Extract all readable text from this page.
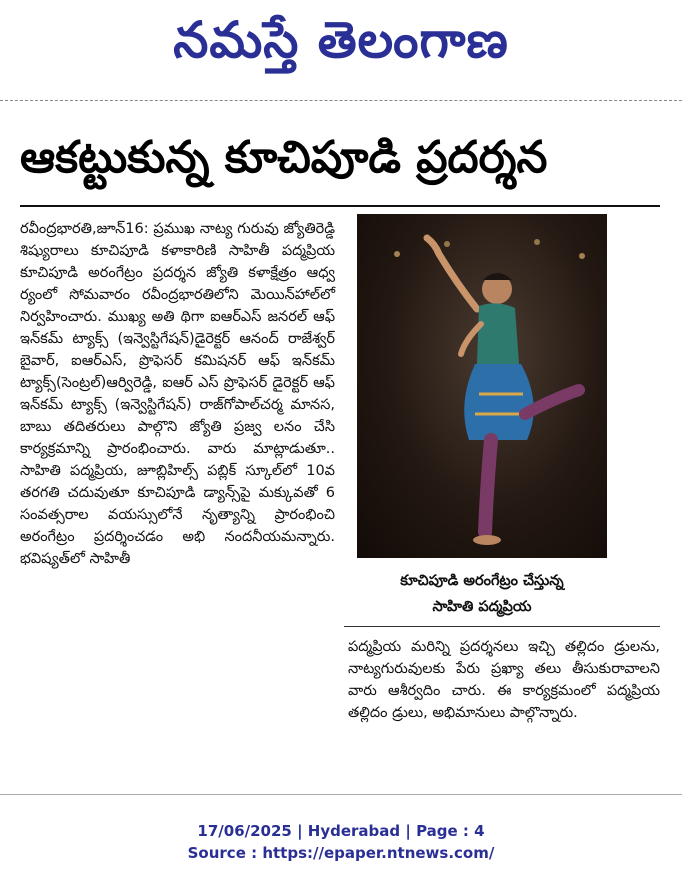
నమస్తే తెలంగాణ
ఆకట్టుకున్న కూచిపూడి ప్రదర్శన

రవీంద్రభారతి,జూన్16: ప్రముఖ నాట్య గురువు జ్యోతిరెడ్డి శిష్యురాలు కూచిపూడి కళాకారిణి సాహితీ పద్మప్రియ కూచిపూడి అరంగేట్రం ప్రదర్శన జ్యోతి కళాక్షేత్రం ఆధ్వ ర్యంలో సోమవారం రవీంద్రభారతిలోని మెయిన్‌హాల్‌లో నిర్వహించారు. ముఖ్య అతి థిగా ఐఆర్‌ఎస్ జనరల్ ఆఫ్ ఇన్‌కమ్ ట్యాక్స్ (ఇన్వెస్టిగేషన్)డైరెక్టర్ ఆనంద్ రాజేశ్వర్ బైవార్, ఐఆర్‌ఎస్, ప్రొఫెసర్ కమిషనర్ ఆఫ్ ఇన్‌కమ్ ట్యాక్స్(సెంట్రల్)ఆర్విరెడ్డి, ఐఆర్ ఎస్ ప్రొఫెసర్ డైరెక్టర్ ఆఫ్ ఇన్‌కమ్ ట్యాక్స్ (ఇన్వెస్టిగేషన్) రాజ్‌గోపాల్‌చర్మ మానస, బాబు తదితరులు పాల్గొని జ్యోతి ప్రజ్వ లనం చేసి కార్యక్రమాన్ని ప్రారంభించారు. వారు మాట్లాడుతూ.. సాహితి పద్మప్రియ, జూబ్లిహిల్స్ పబ్లిక్ స్కూల్‌లో 10వ తరగతి చదువుతూ కూచిపూడి డ్యాన్స్‌పై మక్కువతో 6 సంవత్సరాల వయస్సులోనే నృత్యాన్ని ప్రారంభించి అరంగేట్రం ప్రదర్శించడం అభి నందనీయమన్నారు. భవిష్యత్‌లో సాహితీ

కూచిపూడి అరంగేట్రం చేస్తున్న
సాహితి పద్మప్రియ

పద్మప్రియ మరిన్ని ప్రదర్శనలు ఇచ్చి తల్లిదం డ్రులను, నాట్యగురువులకు పేరు ప్రఖ్యా తలు తీసుకురావాలని వారు ఆశీర్వదిం చారు. ఈ కార్యక్రమంలో పద్మప్రియ తల్లిదం డ్రులు, అభిమానులు పాల్గొన్నారు.

17/06/2025 | Hyderabad | Page : 4
Source : https://epaper.ntnews.com/
